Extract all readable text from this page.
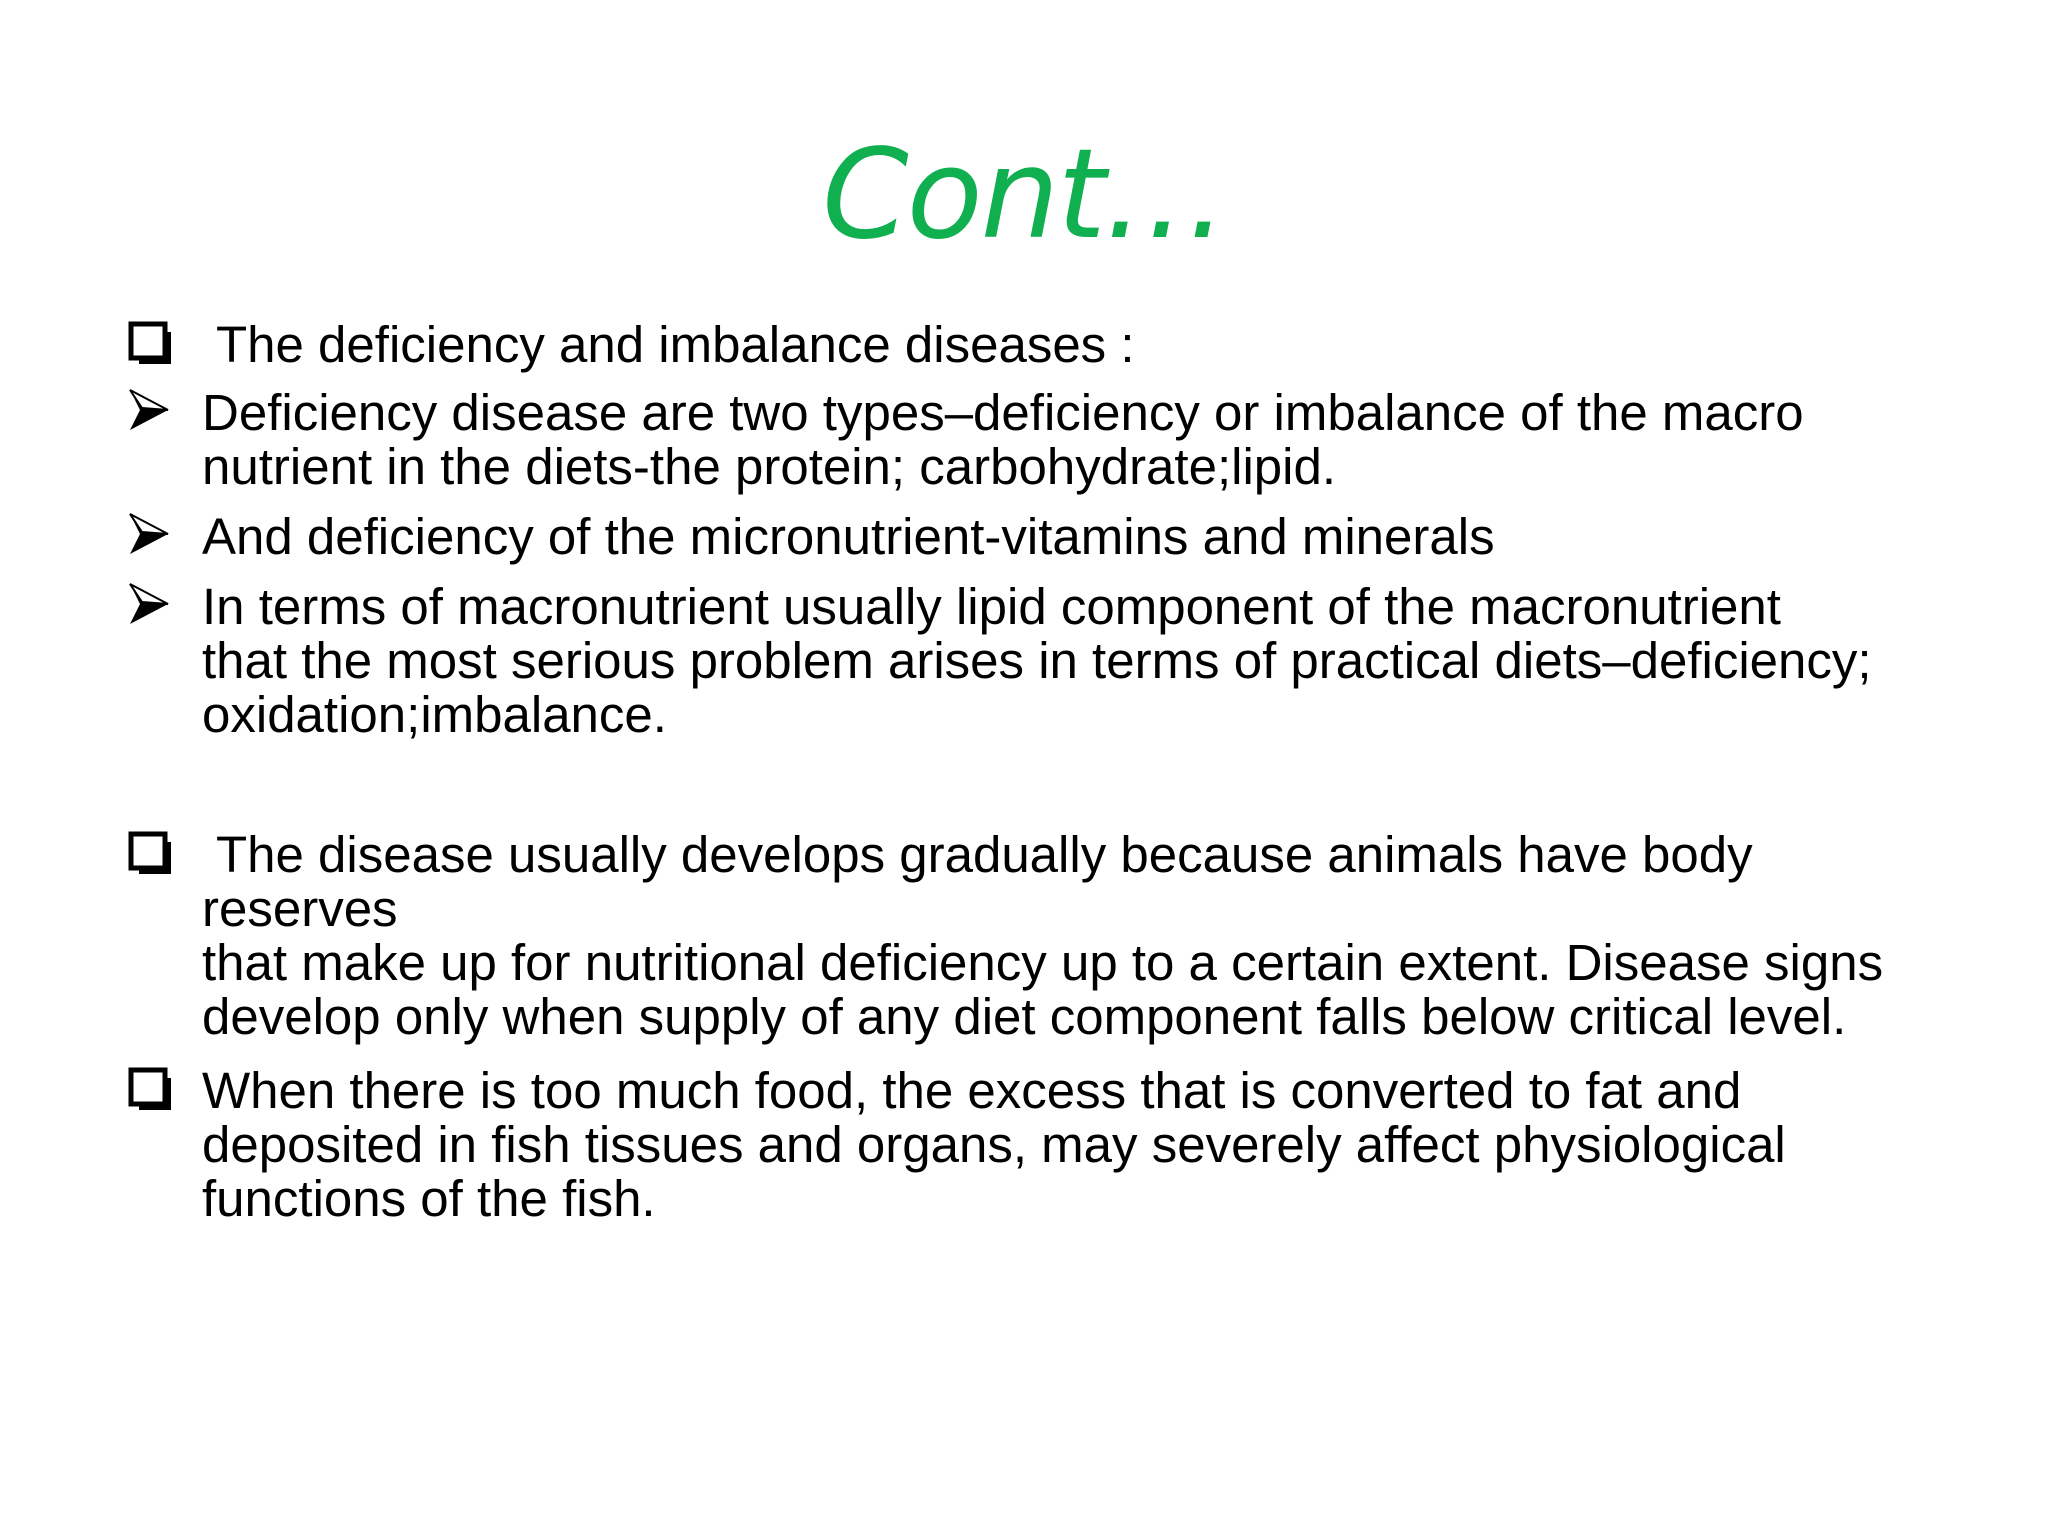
Cont…
The deficiency and imbalance diseases :
Deficiency disease are two types–deficiency or imbalance of the macro
nutrient in the diets-the protein; carbohydrate;lipid.
And deficiency of the micronutrient-vitamins and minerals
In terms of macronutrient usually lipid component of the macronutrient
that the most serious problem arises in terms of practical diets–deficiency;
oxidation;imbalance.
The disease usually develops gradually because animals have body reserves
that make up for nutritional deficiency up to a certain extent. Disease signs
develop only when supply of any diet component falls below critical level.
When there is too much food, the excess that is converted to fat and
deposited in fish tissues and organs, may severely affect physiological
functions of the fish.
